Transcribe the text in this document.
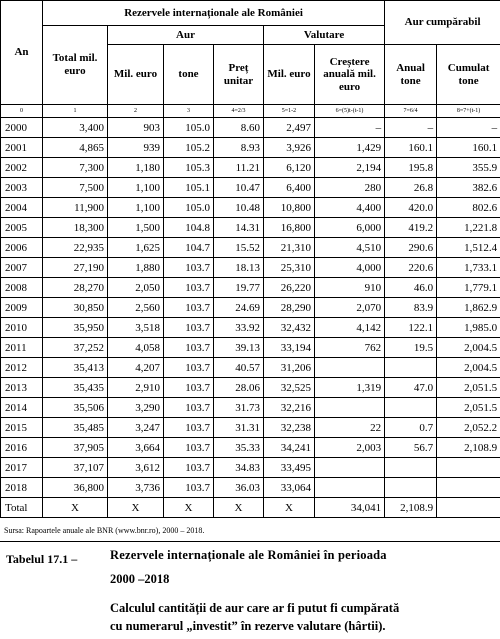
An	Rezervele internaționale ale României						Aur cumpărabil	
	Total mil. euro	Aur			Valutare			
		Mil. euro	tone	Preț unitar	Mil. euro	Creștere anuală mil. euro	Anual tone	Cumulat tone
0	1	2	3	4=2/3	5=1-2	6=(5)t-(t-1)	7=6/4	8=7+(t-1)
2000	3,400	903	105.0	8.60	2,497	–	–	–
2001	4,865	939	105.2	8.93	3,926	1,429	160.1	160.1
2002	7,300	1,180	105.3	11.21	6,120	2,194	195.8	355.9
2003	7,500	1,100	105.1	10.47	6,400	280	26.8	382.6
2004	11,900	1,100	105.0	10.48	10,800	4,400	420.0	802.6
2005	18,300	1,500	104.8	14.31	16,800	6,000	419.2	1,221.8
2006	22,935	1,625	104.7	15.52	21,310	4,510	290.6	1,512.4
2007	27,190	1,880	103.7	18.13	25,310	4,000	220.6	1,733.1
2008	28,270	2,050	103.7	19.77	26,220	910	46.0	1,779.1
2009	30,850	2,560	103.7	24.69	28,290	2,070	83.9	1,862.9
2010	35,950	3,518	103.7	33.92	32,432	4,142	122.1	1,985.0
2011	37,252	4,058	103.7	39.13	33,194	762	19.5	2,004.5
2012	35,413	4,207	103.7	40.57	31,206			2,004.5
2013	35,435	2,910	103.7	28.06	32,525	1,319	47.0	2,051.5
2014	35,506	3,290	103.7	31.73	32,216			2,051.5
2015	35,485	3,247	103.7	31.31	32,238	22	0.7	2,052.2
2016	37,905	3,664	103.7	35.33	34,241	2,003	56.7	2,108.9
2017	37,107	3,612	103.7	34.83	33,495			
2018	36,800	3,736	103.7	36.03	33,064			
Total	X	X	X	X	X	34,041	2,108.9	
Sursa: Rapoartele anuale ale BNR (www.bnr.ro), 2000 – 2018.
Tabelul 17.1 –	Rezervele internaționale ale României în perioada
2000 –2018
Calculul cantității de aur care ar fi putut fi cumpărată
cu numerarul „investit” în rezerve valutare (hârtii).
